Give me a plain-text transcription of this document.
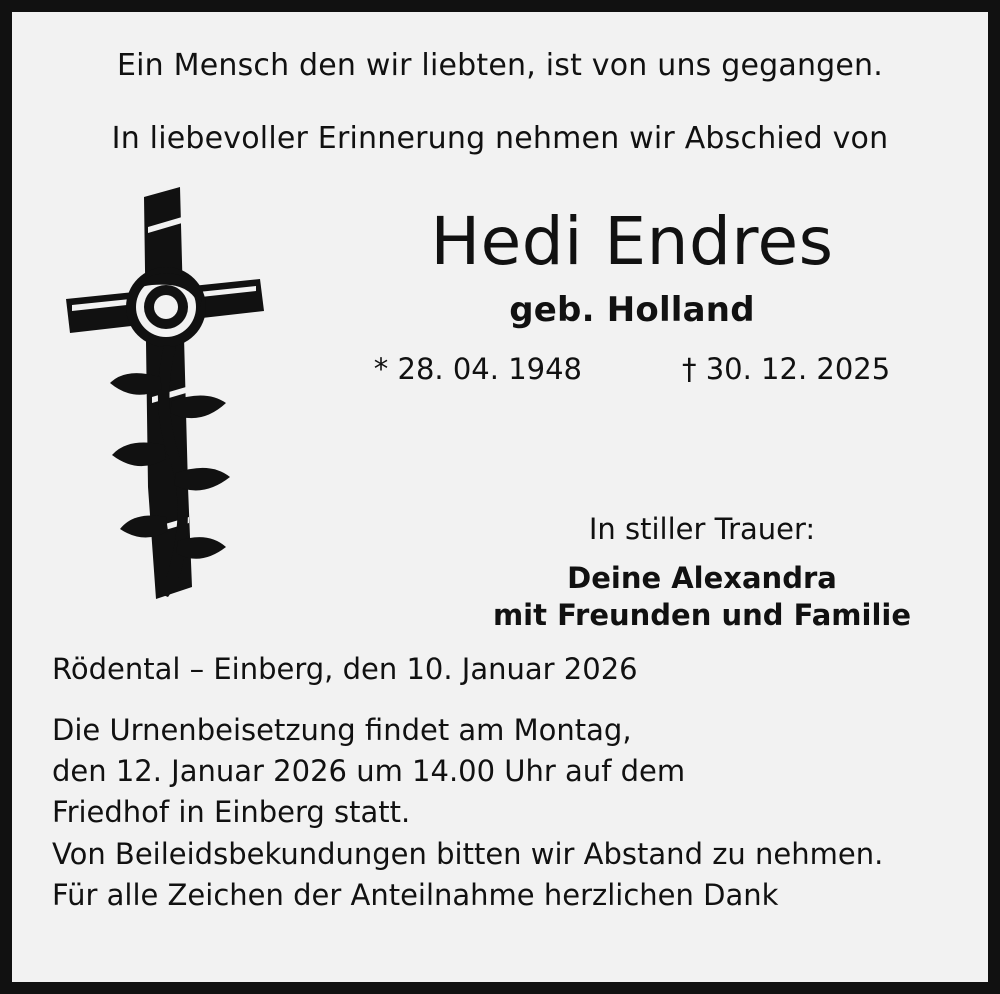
Ein Mensch den wir liebten, ist von uns gegangen.
In liebevoller Erinnerung nehmen wir Abschied von
Hedi Endres
geb. Holland
* 28. 04. 1948	† 30. 12. 2025
In stiller Trauer:
Deine Alexandra
mit Freunden und Familie
Rödental – Einberg, den 10. Januar 2026
Die Urnenbeisetzung findet am Montag,
den 12. Januar 2026 um 14.00 Uhr auf dem
Friedhof in Einberg statt.
Von Beileidsbekundungen bitten wir Abstand zu nehmen.
Für alle Zeichen der Anteilnahme herzlichen Dank
